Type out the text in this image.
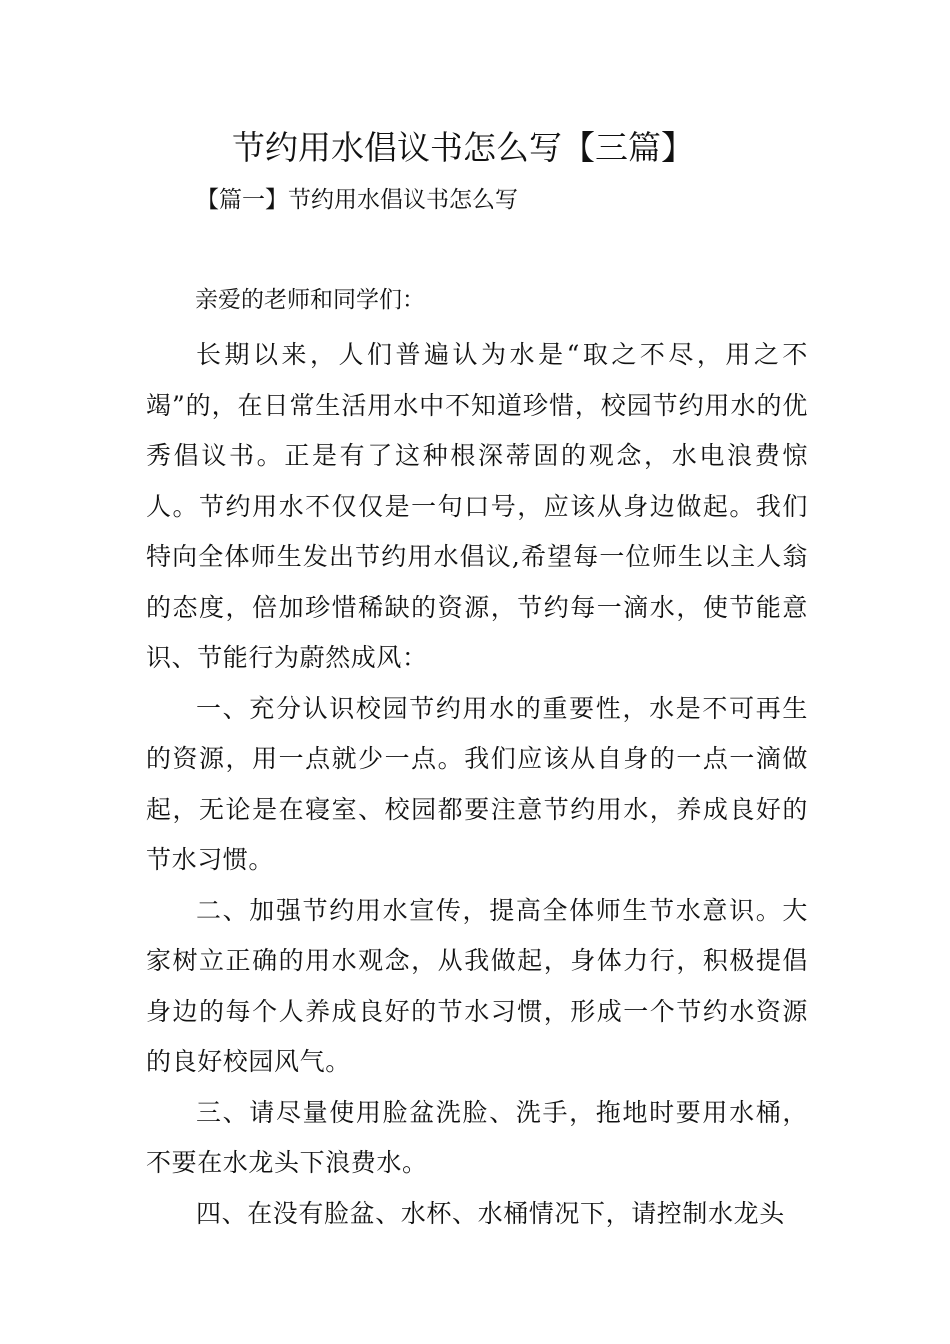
节约用水倡议书怎么写【三篇】
【篇一】节约用水倡议书怎么写
亲爱的老师和同学们：

长期以来，人们普遍认为水是“取之不尽，用之不竭”的，在日常生活用水中不知道珍惜，校园节约用水的优秀倡议书。正是有了这种根深蒂固的观念，水电浪费惊人。节约用水不仅仅是一句口号，应该从身边做起。我们特向全体师生发出节约用水倡议,希望每一位师生以主人翁的态度，倍加珍惜稀缺的资源，节约每一滴水，使节能意识、节能行为蔚然成风：

一、充分认识校园节约用水的重要性，水是不可再生的资源，用一点就少一点。我们应该从自身的一点一滴做起，无论是在寝室、校园都要注意节约用水，养成良好的节水习惯。

二、加强节约用水宣传，提高全体师生节水意识。大家树立正确的用水观念，从我做起，身体力行，积极提倡身边的每个人养成良好的节水习惯，形成一个节约水资源的良好校园风气。

三、请尽量使用脸盆洗脸、洗手，拖地时要用水桶，不要在水龙头下浪费水。

四、在没有脸盆、水杯、水桶情况下，请控制水龙头
